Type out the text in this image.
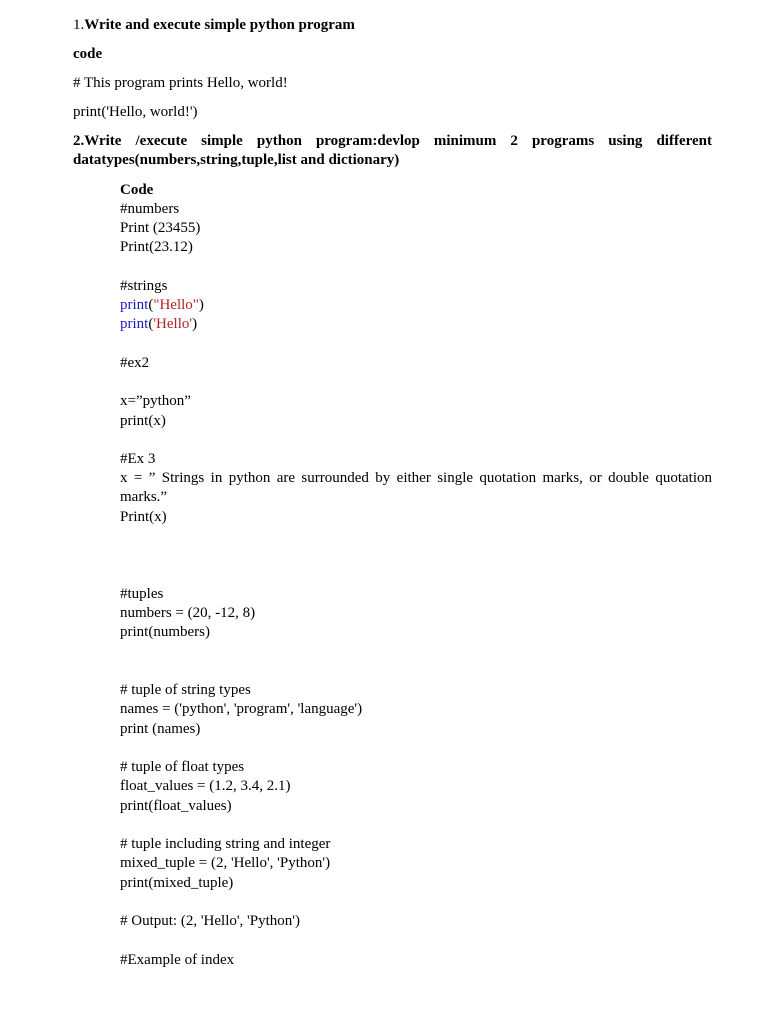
1.Write and execute simple python program
code
# This program prints Hello, world!
print('Hello, world!')
2.Write /execute simple python program:devlop minimum 2 programs using different datatypes(numbers,string,tuple,list and dictionary)
Code
#numbers
Print (23455)
Print(23.12)
#strings
print("Hello")
print('Hello')
#ex2
x=”python”
print(x)
#Ex 3
x = ” Strings in python are surrounded by either single quotation marks, or double quotation marks.”
Print(x)
#tuples
numbers = (20, -12, 8)
print(numbers)
# tuple of string types
names = ('python', 'program', 'language')
print (names)
# tuple of float types
float_values = (1.2, 3.4, 2.1)
print(float_values)
# tuple including string and integer
mixed_tuple = (2, 'Hello', 'Python')
print(mixed_tuple)
# Output: (2, 'Hello', 'Python')
#Example of index
